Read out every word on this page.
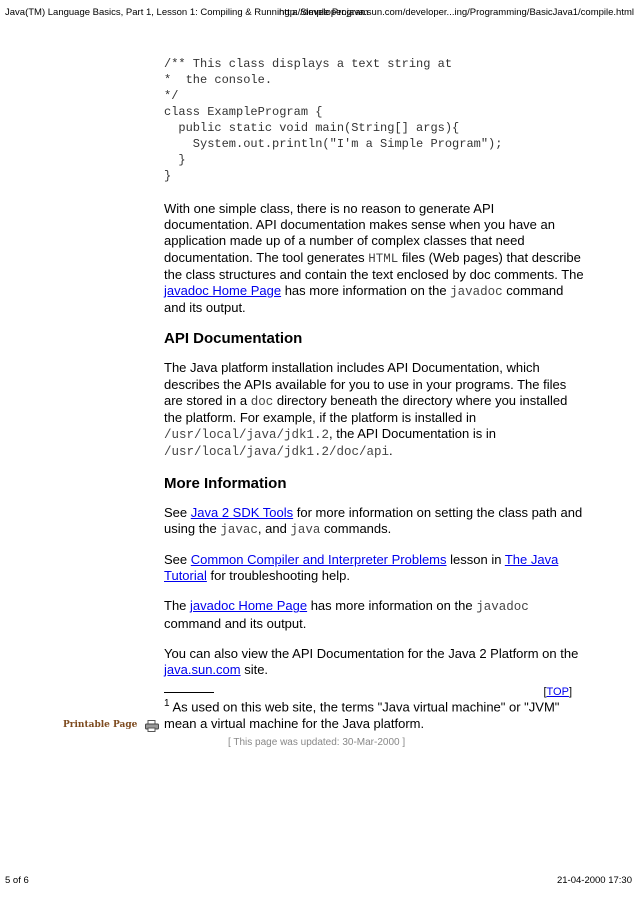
Java(TM) Language Basics, Part 1, Lesson 1: Compiling & Running a Simple Program
http://developer.java.sun.com/developer...ing/Programming/BasicJava1/compile.html
/** This class displays a text string at
*  the console.
*/
class ExampleProgram {
public static void main(String[] args){
System.out.println("I'm a Simple Program");
}
}

With one simple class, there is no reason to generate API documentation. API documentation makes sense when you have an application made up of a number of complex classes that need documentation. The tool generates HTML files (Web pages) that describe the class structures and contain the text enclosed by doc comments. The javadoc Home Page has more information on the javadoc command and its output.

API Documentation

The Java platform installation includes API Documentation, which describes the APIs available for you to use in your programs. The files are stored in a doc directory beneath the directory where you installed the platform. For example, if the platform is installed in /usr/local/java/jdk1.2, the API Documentation is in /usr/local/java/jdk1.2/doc/api.

More Information

See Java 2 SDK Tools for more information on setting the class path and using the javac, and java commands.

See Common Compiler and Interpreter Problems lesson in The Java Tutorial for troubleshooting help.

The javadoc Home Page has more information on the javadoc command and its output.

You can also view the API Documentation for the Java 2 Platform on the java.sun.com site.

$^1$ As used on this web site, the terms "Java virtual machine" or "JVM" mean a virtual machine for the Java platform.

[TOP]
Printable Page
[ This page was updated: 30-Mar-2000 ]
5 of 6	21-04-2000 17:30
